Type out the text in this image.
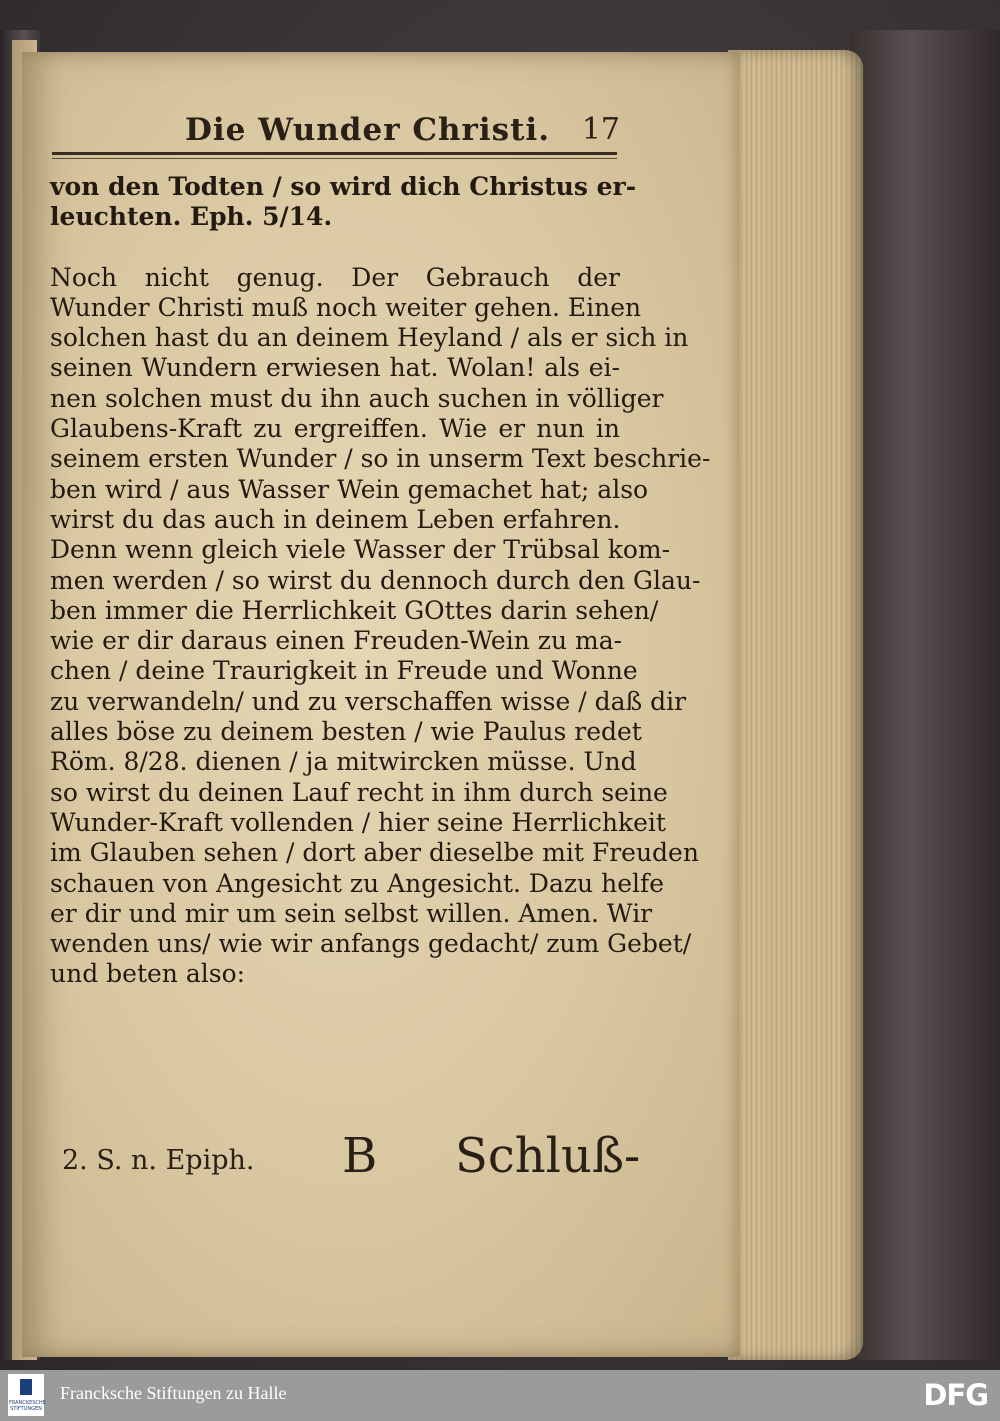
Die Wunder Christi. 17
von den Todten / so wird dich Christus er-
leuchten. Eph. 5/14.
Noch nicht genug. Der Gebrauch der
Wunder Christi muß noch weiter gehen. Einen
solchen hast du an deinem Heyland / als er sich in
seinen Wundern erwiesen hat. Wolan! als ei-
nen solchen must du ihn auch suchen in völliger
Glaubens-Kraft zu ergreiffen. Wie er nun in
seinem ersten Wunder / so in unserm Text beschrie-
ben wird / aus Wasser Wein gemachet hat; also
wirst du das auch in deinem Leben erfahren.
Denn wenn gleich viele Wasser der Trübsal kom-
men werden / so wirst du dennoch durch den Glau-
ben immer die Herrlichkeit GOttes darin sehen/
wie er dir daraus einen Freuden-Wein zu ma-
chen / deine Traurigkeit in Freude und Wonne
zu verwandeln/ und zu verschaffen wisse / daß dir
alles böse zu deinem besten / wie Paulus redet
Röm. 8/28. dienen / ja mitwircken müsse. Und
so wirst du deinen Lauf recht in ihm durch seine
Wunder-Kraft vollenden / hier seine Herrlichkeit
im Glauben sehen / dort aber dieselbe mit Freuden
schauen von Angesicht zu Angesicht. Dazu helfe
er dir und mir um sein selbst willen. Amen. Wir
wenden uns/ wie wir anfangs gedacht/ zum Gebet/
und beten also:
2. S. n. Epiph. B Schluß-
FRANCKESCHE STIFTUNGEN
Francksche Stiftungen zu Halle	DFG
